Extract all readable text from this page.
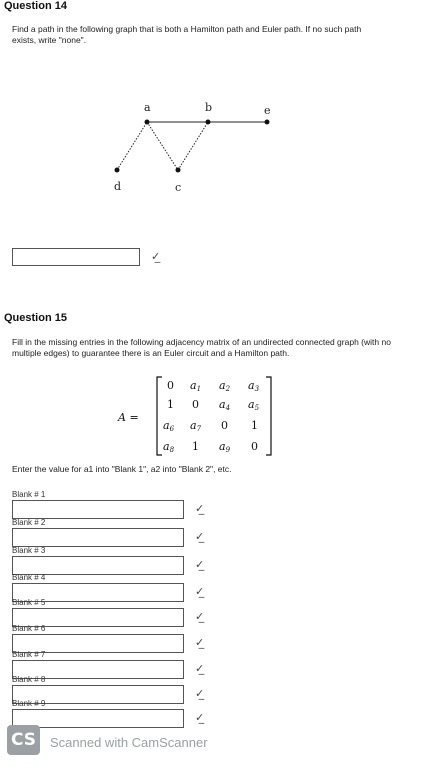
Question 14
Find a path in the following graph that is both a Hamilton path and Euler path. If no such path exists, write "none".
a	b	e
d	c
✓̲
Question 15
Fill in the missing entries in the following adjacency matrix of an undirected connected graph (with no multiple edges) to guarantee there is an Euler circuit and a Hamilton path.
A =
0 a1 a2 a3
1 0 a4 a5
a6 a7 0 1
a8 1 a9 0
Enter the value for a1 into "Blank 1", a2 into "Blank 2", etc.
Blank # 1
✓̲
Blank # 2
✓̲
Blank # 3
✓̲
Blank # 4
✓̲
Blank # 5
✓̲
Blank # 6
✓̲
Blank # 7
✓̲
Blank # 8
✓̲
Blank # 9
✓̲
CS	Scanned with CamScanner
